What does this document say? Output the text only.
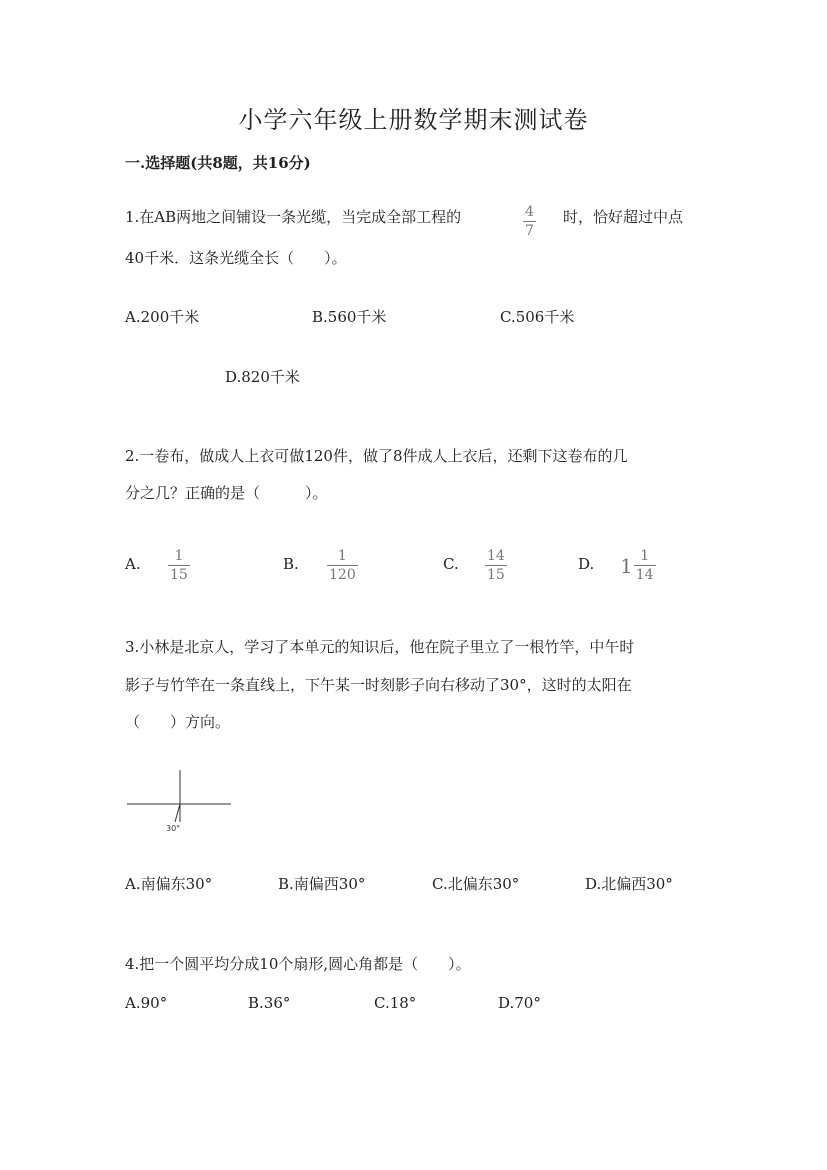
小学六年级上册数学期末测试卷
一.选择题(共8题，共16分)
1.在AB两地之间铺设一条光缆，当完成全部工程的	4
7
时，恰好超过中点
40千米．这条光缆全长（　　）。
A.200千米	B.560千米	C.506千米
D.820千米
2.一卷布，做成人上衣可做120件，做了8件成人上衣后，还剩下这卷布的几
分之几？正确的是（　　　）。
A. 1
15
B.	1
120
C. 14
15
D. $1 \frac{1}{14}$
3.小林是北京人，学习了本单元的知识后，他在院子里立了一根竹竿，中午时
影子与竹竿在一条直线上，下午某一时刻影子向右移动了30°，这时的太阳在
（　　）方向。
30°
A.南偏东30°	B.南偏西30°	C.北偏东30°	D.北偏西30°
4.把一个圆平均分成10个扇形,圆心角都是（　　）。
A.90°	B.36°	C.18°	D.70°
